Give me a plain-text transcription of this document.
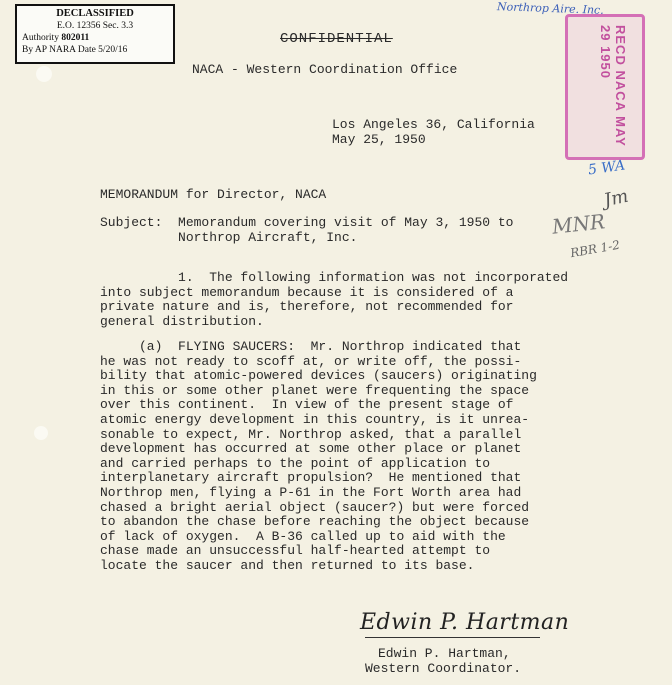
DECLASSIFIED
E.O. 12356 Sec. 3.3
Authority 802011
By AP NARA Date 5/20/16
Northrop Aire. Inc.
RECD NACA MAY 29 1950
5 WA
Jm
MNR
RBR 1-2
CONFIDENTIAL
NACA - Western Coordination Office
Los Angeles 36, California
May 25, 1950
MEMORANDUM for Director, NACA
Subject:  Memorandum covering visit of May 3, 1950 to
Northrop Aircraft, Inc.
1.  The following information was not incorporated
into subject memorandum because it is considered of a
private nature and is, therefore, not recommended for
general distribution.
(a)  FLYING SAUCERS:  Mr. Northrop indicated that
he was not ready to scoff at, or write off, the possi-
bility that atomic-powered devices (saucers) originating
in this or some other planet were frequenting the space
over this continent.  In view of the present stage of
atomic energy development in this country, is it unrea-
sonable to expect, Mr. Northrop asked, that a parallel
development has occurred at some other place or planet
and carried perhaps to the point of application to
interplanetary aircraft propulsion?  He mentioned that
Northrop men, flying a P-61 in the Fort Worth area had
chased a bright aerial object (saucer?) but were forced
to abandon the chase before reaching the object because
of lack of oxygen.  A B-36 called up to aid with the
chase made an unsuccessful half-hearted attempt to
locate the saucer and then returned to its base.
Edwin P. Hartman
Edwin P. Hartman,
Western Coordinator.
